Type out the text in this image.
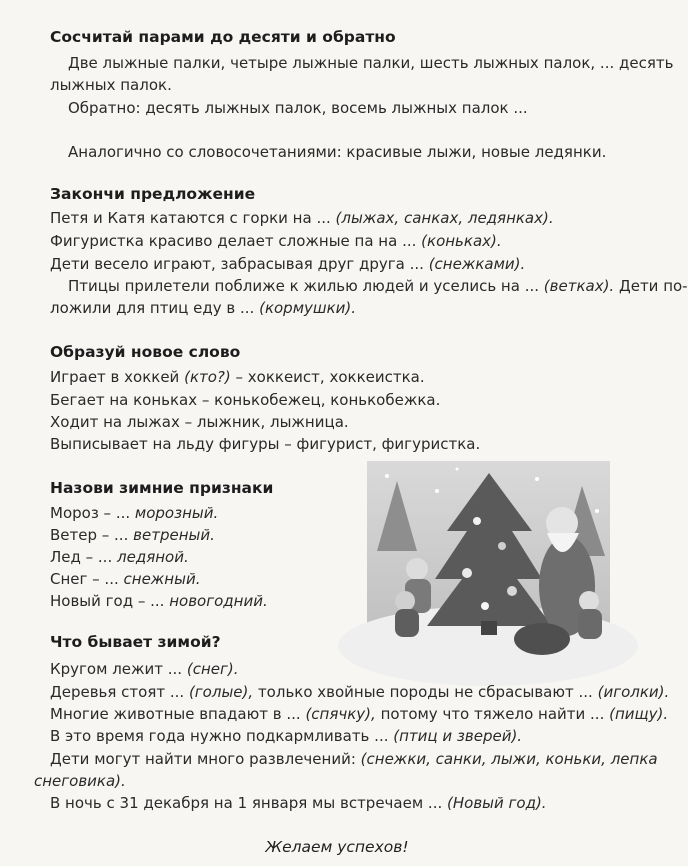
Сосчитай парами до десяти и обратно
Две лыжные палки, четыре лыжные палки, шесть лыжных палок, ... десять
лыжных палок.
Обратно: десять лыжных палок, восемь лыжных палок ...
Аналогично со словосочетаниями: красивые лыжи, новые ледянки.
Закончи предложение
Петя и Катя катаются с горки на ... (лыжах, санках, ледянках).
Фигуристка красиво делает сложные па на ... (коньках).
Дети весело играют, забрасывая друг друга ... (снежками).
Птицы прилетели поближе к жилью людей и уселись на ... (ветках). Дети по-
ложили для птиц еду в ... (кормушки).
Образуй новое слово
Играет в хоккей (кто?) – хоккеист, хоккеистка.
Бегает на коньках – конькобежец, конькобежка.
Ходит на лыжах – лыжник, лыжница.
Выписывает на льду фигуры – фигурист, фигуристка.
Назови зимние признаки
Мороз – ... морозный.
Ветер – ... ветреный.
Лед – ... ледяной.
Снег – ... снежный.
Новый год – ... новогодний.
Что бывает зимой?
Кругом лежит ... (снег).
Деревья стоят ... (голые), только хвойные породы не сбрасывают ... (иголки).
Многие животные впадают в ... (спячку), потому что тяжело найти ... (пищу).
В это время года нужно подкармливать ... (птиц и зверей).
Дети могут найти много развлечений: (снежки, санки, лыжи, коньки, лепка
снеговика).
В ночь с 31 декабря на 1 января мы встречаем ... (Новый год).
Желаем успехов!
